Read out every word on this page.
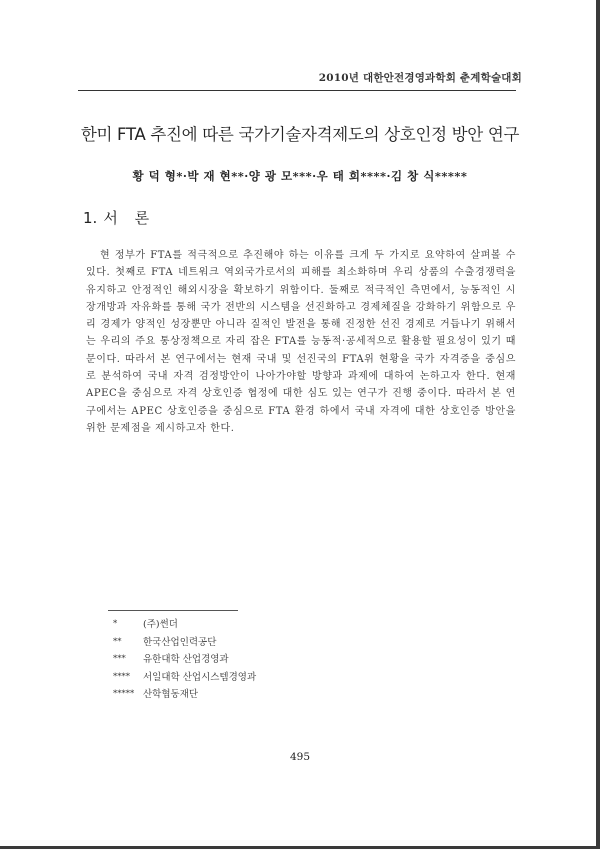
2010년 대한안전경영과학회 춘계학술대회
한미 FTA 추진에 따른 국가기술자격제도의 상호인정 방안 연구
황 덕 형*·박 재 현**·양 광 모***·우 태 희****·김 창 식*****
1. 서 론

현 정부가 FTA를 적극적으로 추진해야 하는 이유를 크게 두 가지로 요약하여 살펴볼 수 있다. 첫째로 FTA 네트워크 역외국가로서의 피해를 최소화하며 우리 상품의 수출경쟁력을 유지하고 안정적인 해외시장을 확보하기 위함이다. 둘째로 적극적인 측면에서, 능동적인 시장개방과 자유화를 통해 국가 전반의 시스템을 선진화하고 경제체질을 강화하기 위함으로 우리 경제가 양적인 성장뿐만 아니라 질적인 발전을 통해 진정한 선진 경제로 거듭나기 위해서는 우리의 주요 통상정책으로 자리 잡은 FTA를 능동적·공세적으로 활용할 필요성이 있기 때문이다. 따라서 본 연구에서는 현재 국내 및 선진국의 FTA위 현황을 국가 자격증을 중심으로 분석하여 국내 자격 검정방안이 나아가야할 방향과 과제에 대하여 논하고자 한다. 현재 APEC을 중심으로 자격 상호인증 협정에 대한 심도 있는 연구가 진행 중이다. 따라서 본 연구에서는 APEC 상호인증을 중심으로 FTA 환경 하에서 국내 자격에 대한 상호인증 방안을 위한 문제점을 제시하고자 한다.

*	(주)썬더
**	한국산업인력공단
***	유한대학 산업경영과
****	서일대학 산업시스템경영과
***** 산학협동재단
495
